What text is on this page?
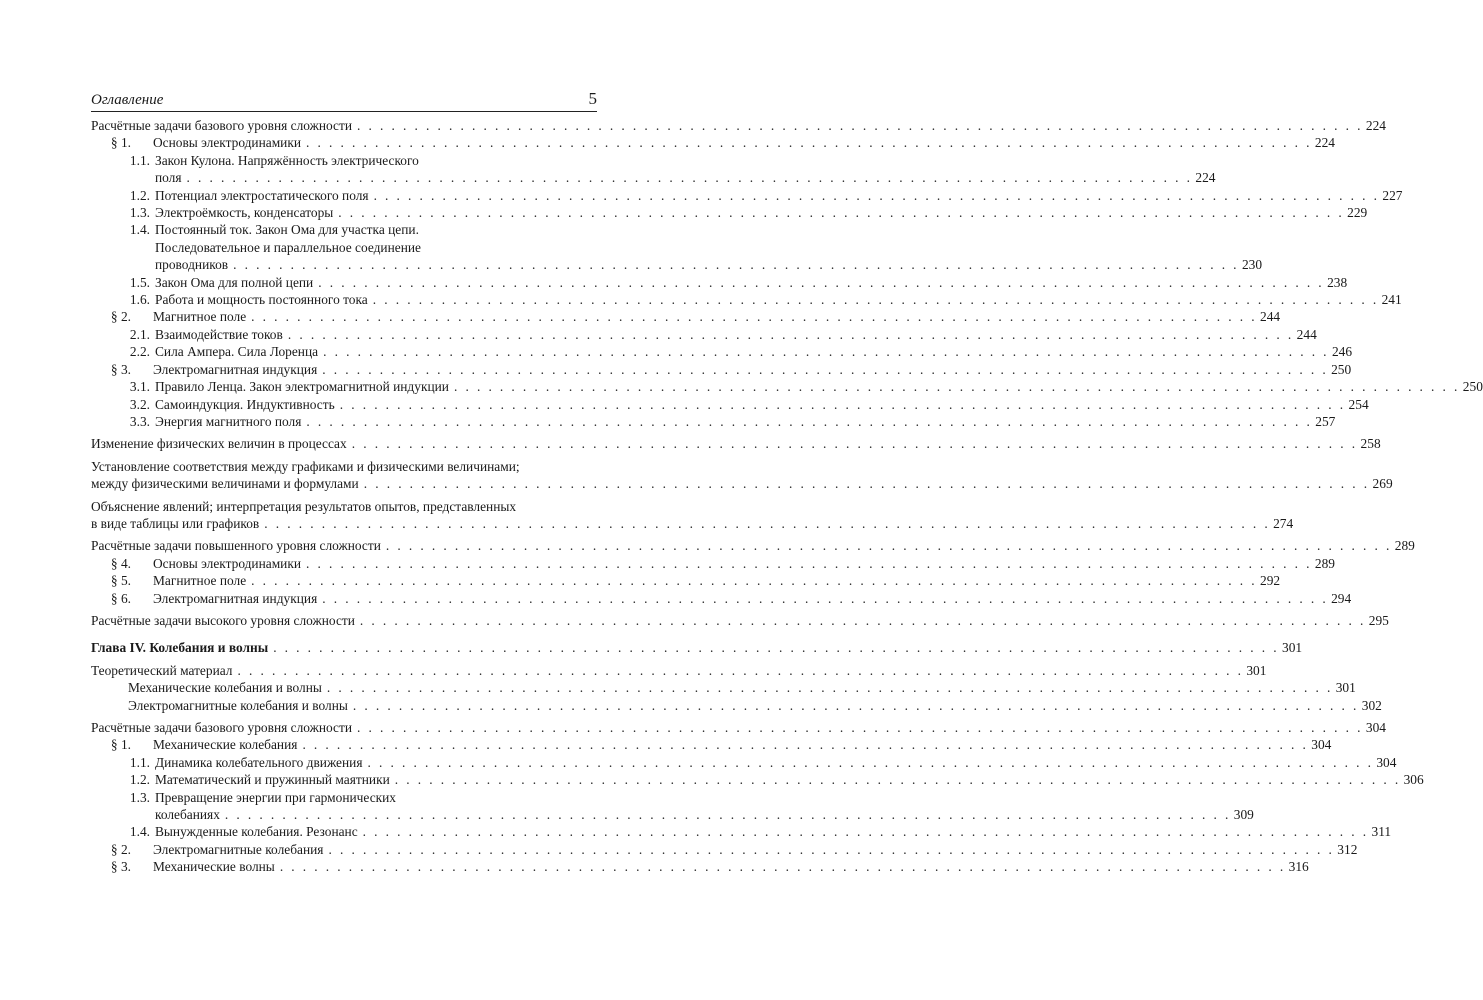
Оглавление	5
Расчётные задачи базового уровня сложности . . . . . . . . . . . . . . . . . . . . . . . . . . . . . . . . . . . . . . . . . . . . . . . . . . . . . . . . . . . . . . . . . . . . . . . . . . . . . . . . . . . . . . . . 224
§ 1. Основы электродинамики . . . . . . . . . . . . . . . . . . . . . . . . . . . . . . . . . . . . . . . . . . . . . . . . . . . . . . . . . . . . . . . . . . . . . . . . . . . . . . . . . . . . . . . . 224
1.1. Закон Кулона. Напряжённость электрического
поля . . . . . . . . . . . . . . . . . . . . . . . . . . . . . . . . . . . . . . . . . . . . . . . . . . . . . . . . . . . . . . . . . . . . . . . . . . . . . . . . . . . . . . . . 224
1.2. Потенциал электростатического поля . . . . . . . . . . . . . . . . . . . . . . . . . . . . . . . . . . . . . . . . . . . . . . . . . . . . . . . . . . . . . . . . . . . . . . . . . . . . . . . . . . . . . . . . 227
1.3. Электроёмкость, конденсаторы . . . . . . . . . . . . . . . . . . . . . . . . . . . . . . . . . . . . . . . . . . . . . . . . . . . . . . . . . . . . . . . . . . . . . . . . . . . . . . . . . . . . . . . . 229
1.4. Постоянный ток. Закон Ома для участка цепи.
Последовательное и параллельное соединение
проводников . . . . . . . . . . . . . . . . . . . . . . . . . . . . . . . . . . . . . . . . . . . . . . . . . . . . . . . . . . . . . . . . . . . . . . . . . . . . . . . . . . . . . . . . 230
1.5. Закон Ома для полной цепи . . . . . . . . . . . . . . . . . . . . . . . . . . . . . . . . . . . . . . . . . . . . . . . . . . . . . . . . . . . . . . . . . . . . . . . . . . . . . . . . . . . . . . . . 238
1.6. Работа и мощность постоянного тока . . . . . . . . . . . . . . . . . . . . . . . . . . . . . . . . . . . . . . . . . . . . . . . . . . . . . . . . . . . . . . . . . . . . . . . . . . . . . . . . . . . . . . . . 241
§ 2. Магнитное поле . . . . . . . . . . . . . . . . . . . . . . . . . . . . . . . . . . . . . . . . . . . . . . . . . . . . . . . . . . . . . . . . . . . . . . . . . . . . . . . . . . . . . . . . 244
2.1. Взаимодействие токов . . . . . . . . . . . . . . . . . . . . . . . . . . . . . . . . . . . . . . . . . . . . . . . . . . . . . . . . . . . . . . . . . . . . . . . . . . . . . . . . . . . . . . . . 244
2.2. Сила Ампера. Сила Лоренца . . . . . . . . . . . . . . . . . . . . . . . . . . . . . . . . . . . . . . . . . . . . . . . . . . . . . . . . . . . . . . . . . . . . . . . . . . . . . . . . . . . . . . . . 246
§ 3. Электромагнитная индукция . . . . . . . . . . . . . . . . . . . . . . . . . . . . . . . . . . . . . . . . . . . . . . . . . . . . . . . . . . . . . . . . . . . . . . . . . . . . . . . . . . . . . . . . 250
3.1. Правило Ленца. Закон электромагнитной индукции . . . . . . . . . . . . . . . . . . . . . . . . . . . . . . . . . . . . . . . . . . . . . . . . . . . . . . . . . . . . . . . . . . . . . . . . . . . . . . . . . . . . . . . . 250
3.2. Самоиндукция. Индуктивность . . . . . . . . . . . . . . . . . . . . . . . . . . . . . . . . . . . . . . . . . . . . . . . . . . . . . . . . . . . . . . . . . . . . . . . . . . . . . . . . . . . . . . . . 254
3.3. Энергия магнитного поля . . . . . . . . . . . . . . . . . . . . . . . . . . . . . . . . . . . . . . . . . . . . . . . . . . . . . . . . . . . . . . . . . . . . . . . . . . . . . . . . . . . . . . . . 257
Изменение физических величин в процессах . . . . . . . . . . . . . . . . . . . . . . . . . . . . . . . . . . . . . . . . . . . . . . . . . . . . . . . . . . . . . . . . . . . . . . . . . . . . . . . . . . . . . . . . 258
Установление соответствия между графиками и физическими величинами;
между физическими величинами и формулами . . . . . . . . . . . . . . . . . . . . . . . . . . . . . . . . . . . . . . . . . . . . . . . . . . . . . . . . . . . . . . . . . . . . . . . . . . . . . . . . . . . . . . . . 269
Объяснение явлений; интерпретация результатов опытов, представленных
в виде таблицы или графиков . . . . . . . . . . . . . . . . . . . . . . . . . . . . . . . . . . . . . . . . . . . . . . . . . . . . . . . . . . . . . . . . . . . . . . . . . . . . . . . . . . . . . . . . 274
Расчётные задачи повышенного уровня сложности . . . . . . . . . . . . . . . . . . . . . . . . . . . . . . . . . . . . . . . . . . . . . . . . . . . . . . . . . . . . . . . . . . . . . . . . . . . . . . . . . . . . . . . . 289
§ 4. Основы электродинамики . . . . . . . . . . . . . . . . . . . . . . . . . . . . . . . . . . . . . . . . . . . . . . . . . . . . . . . . . . . . . . . . . . . . . . . . . . . . . . . . . . . . . . . . 289
§ 5. Магнитное поле . . . . . . . . . . . . . . . . . . . . . . . . . . . . . . . . . . . . . . . . . . . . . . . . . . . . . . . . . . . . . . . . . . . . . . . . . . . . . . . . . . . . . . . . 292
§ 6. Электромагнитная индукция . . . . . . . . . . . . . . . . . . . . . . . . . . . . . . . . . . . . . . . . . . . . . . . . . . . . . . . . . . . . . . . . . . . . . . . . . . . . . . . . . . . . . . . . 294
Расчётные задачи высокого уровня сложности . . . . . . . . . . . . . . . . . . . . . . . . . . . . . . . . . . . . . . . . . . . . . . . . . . . . . . . . . . . . . . . . . . . . . . . . . . . . . . . . . . . . . . . . 295
Глава IV. Колебания и волны . . . . . . . . . . . . . . . . . . . . . . . . . . . . . . . . . . . . . . . . . . . . . . . . . . . . . . . . . . . . . . . . . . . . . . . . . . . . . . . . . . . . . . . . 301
Теоретический материал . . . . . . . . . . . . . . . . . . . . . . . . . . . . . . . . . . . . . . . . . . . . . . . . . . . . . . . . . . . . . . . . . . . . . . . . . . . . . . . . . . . . . . . . 301
Механические колебания и волны . . . . . . . . . . . . . . . . . . . . . . . . . . . . . . . . . . . . . . . . . . . . . . . . . . . . . . . . . . . . . . . . . . . . . . . . . . . . . . . . . . . . . . . . 301
Электромагнитные колебания и волны . . . . . . . . . . . . . . . . . . . . . . . . . . . . . . . . . . . . . . . . . . . . . . . . . . . . . . . . . . . . . . . . . . . . . . . . . . . . . . . . . . . . . . . . 302
Расчётные задачи базового уровня сложности . . . . . . . . . . . . . . . . . . . . . . . . . . . . . . . . . . . . . . . . . . . . . . . . . . . . . . . . . . . . . . . . . . . . . . . . . . . . . . . . . . . . . . . . 304
§ 1. Механические колебания . . . . . . . . . . . . . . . . . . . . . . . . . . . . . . . . . . . . . . . . . . . . . . . . . . . . . . . . . . . . . . . . . . . . . . . . . . . . . . . . . . . . . . . . 304
1.1. Динамика колебательного движения . . . . . . . . . . . . . . . . . . . . . . . . . . . . . . . . . . . . . . . . . . . . . . . . . . . . . . . . . . . . . . . . . . . . . . . . . . . . . . . . . . . . . . . . 304
1.2. Математический и пружинный маятники . . . . . . . . . . . . . . . . . . . . . . . . . . . . . . . . . . . . . . . . . . . . . . . . . . . . . . . . . . . . . . . . . . . . . . . . . . . . . . . . . . . . . . . . 306
1.3. Превращение энергии при гармонических
колебаниях . . . . . . . . . . . . . . . . . . . . . . . . . . . . . . . . . . . . . . . . . . . . . . . . . . . . . . . . . . . . . . . . . . . . . . . . . . . . . . . . . . . . . . . . 309
1.4. Вынужденные колебания. Резонанс . . . . . . . . . . . . . . . . . . . . . . . . . . . . . . . . . . . . . . . . . . . . . . . . . . . . . . . . . . . . . . . . . . . . . . . . . . . . . . . . . . . . . . . . 311
§ 2. Электромагнитные колебания . . . . . . . . . . . . . . . . . . . . . . . . . . . . . . . . . . . . . . . . . . . . . . . . . . . . . . . . . . . . . . . . . . . . . . . . . . . . . . . . . . . . . . . . 312
§ 3. Механические волны . . . . . . . . . . . . . . . . . . . . . . . . . . . . . . . . . . . . . . . . . . . . . . . . . . . . . . . . . . . . . . . . . . . . . . . . . . . . . . . . . . . . . . . . 316
